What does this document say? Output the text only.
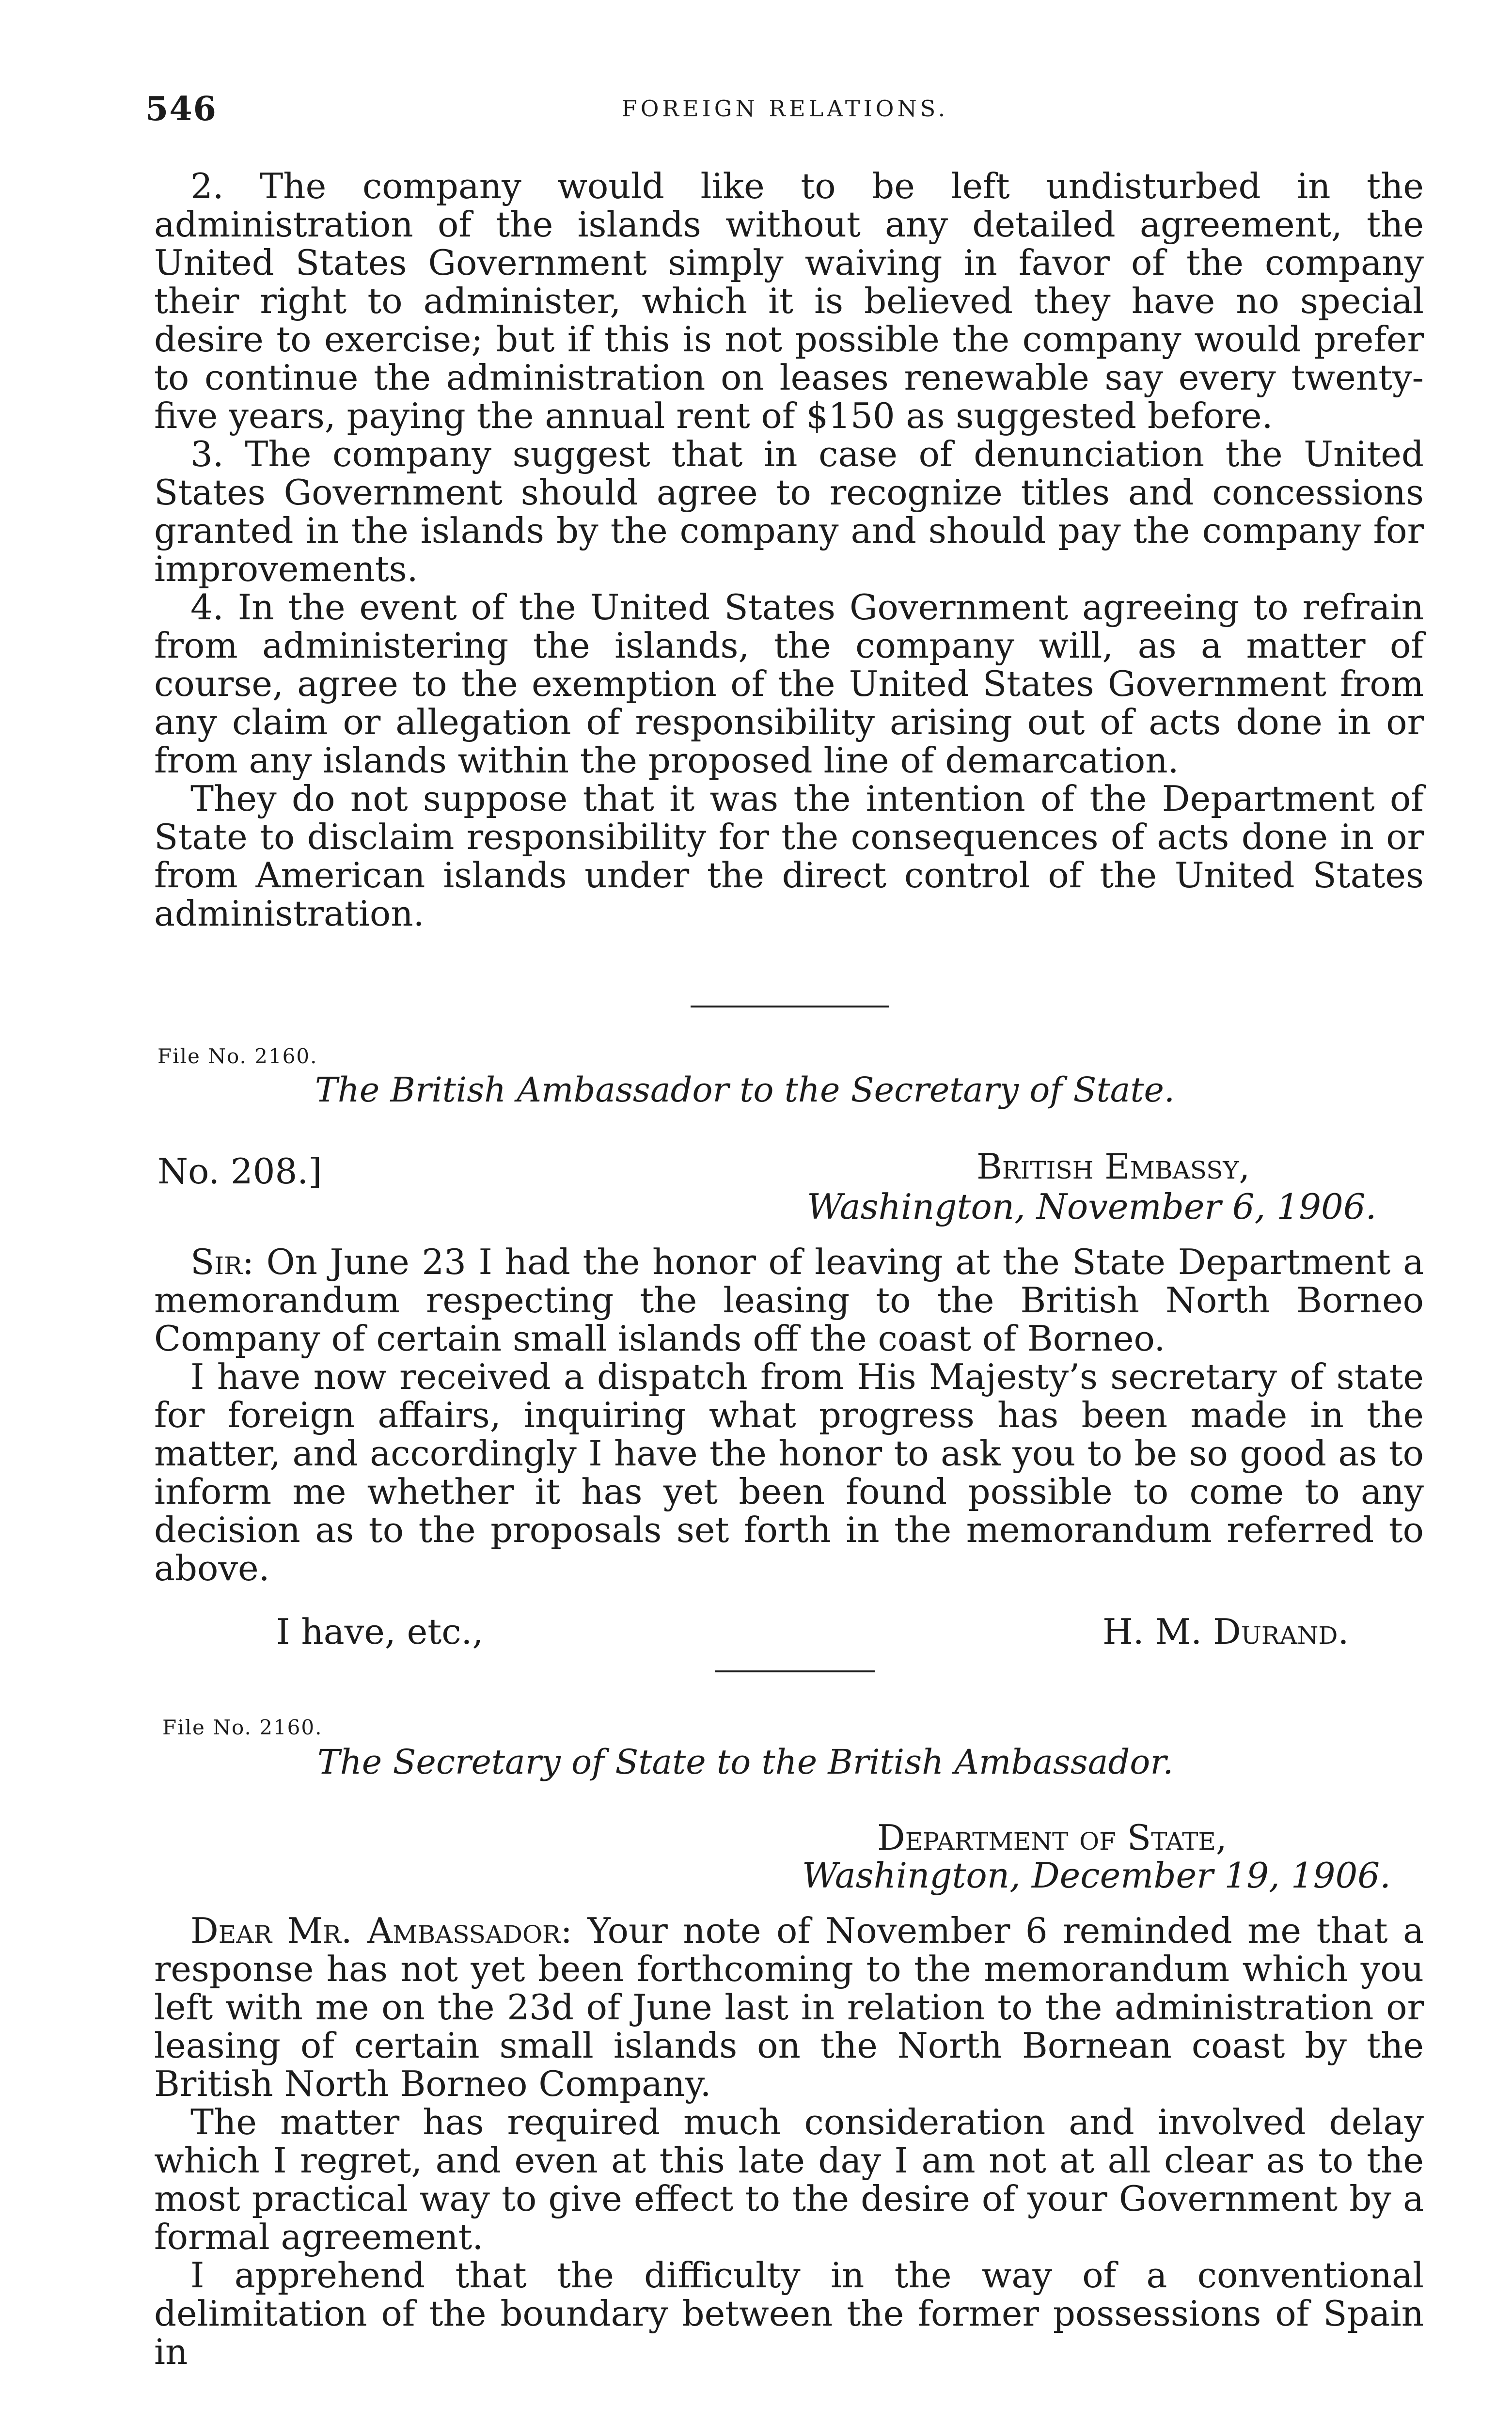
546	FOREIGN RELATIONS.

2. The company would like to be left undisturbed in the administration of the islands without any detailed agreement, the United States Government simply waiving in favor of the company their right to administer, which it is believed they have no special desire to exercise; but if this is not possible the company would prefer to continue the administration on leases renewable say every twenty-five years, paying the annual rent of $150 as suggested before.

3. The company suggest that in case of denunciation the United States Government should agree to recognize titles and concessions granted in the islands by the company and should pay the company for improvements.

4. In the event of the United States Government agreeing to refrain from administering the islands, the company will, as a matter of course, agree to the exemption of the United States Government from any claim or allegation of responsibility arising out of acts done in or from any islands within the proposed line of demarcation.

They do not suppose that it was the intention of the Department of State to disclaim responsibility for the consequences of acts done in or from American islands under the direct control of the United States administration.

File No. 2160.
The British Ambassador to the Secretary of State.
No. 208.]	British Embassy,
Washington, November 6, 1906.

Sir: On June 23 I had the honor of leaving at the State Department a memorandum respecting the leasing to the British North Borneo Company of certain small islands off the coast of Borneo.

I have now received a dispatch from His Majesty’s secretary of state for foreign affairs, inquiring what progress has been made in the matter, and accordingly I have the honor to ask you to be so good as to inform me whether it has yet been found possible to come to any decision as to the proposals set forth in the memorandum referred to above.

I have, etc.,	H. M. Durand.
File No. 2160.
The Secretary of State to the British Ambassador.
Department of State,
Washington, December 19, 1906.

Dear Mr. Ambassador: Your note of November 6 reminded me that a response has not yet been forthcoming to the memorandum which you left with me on the 23d of June last in relation to the administration or leasing of certain small islands on the North Bornean coast by the British North Borneo Company.

The matter has required much consideration and involved delay which I regret, and even at this late day I am not at all clear as to the most practical way to give effect to the desire of your Government by a formal agreement.

I apprehend that the difficulty in the way of a conventional delimitation of the boundary between the former possessions of Spain in
